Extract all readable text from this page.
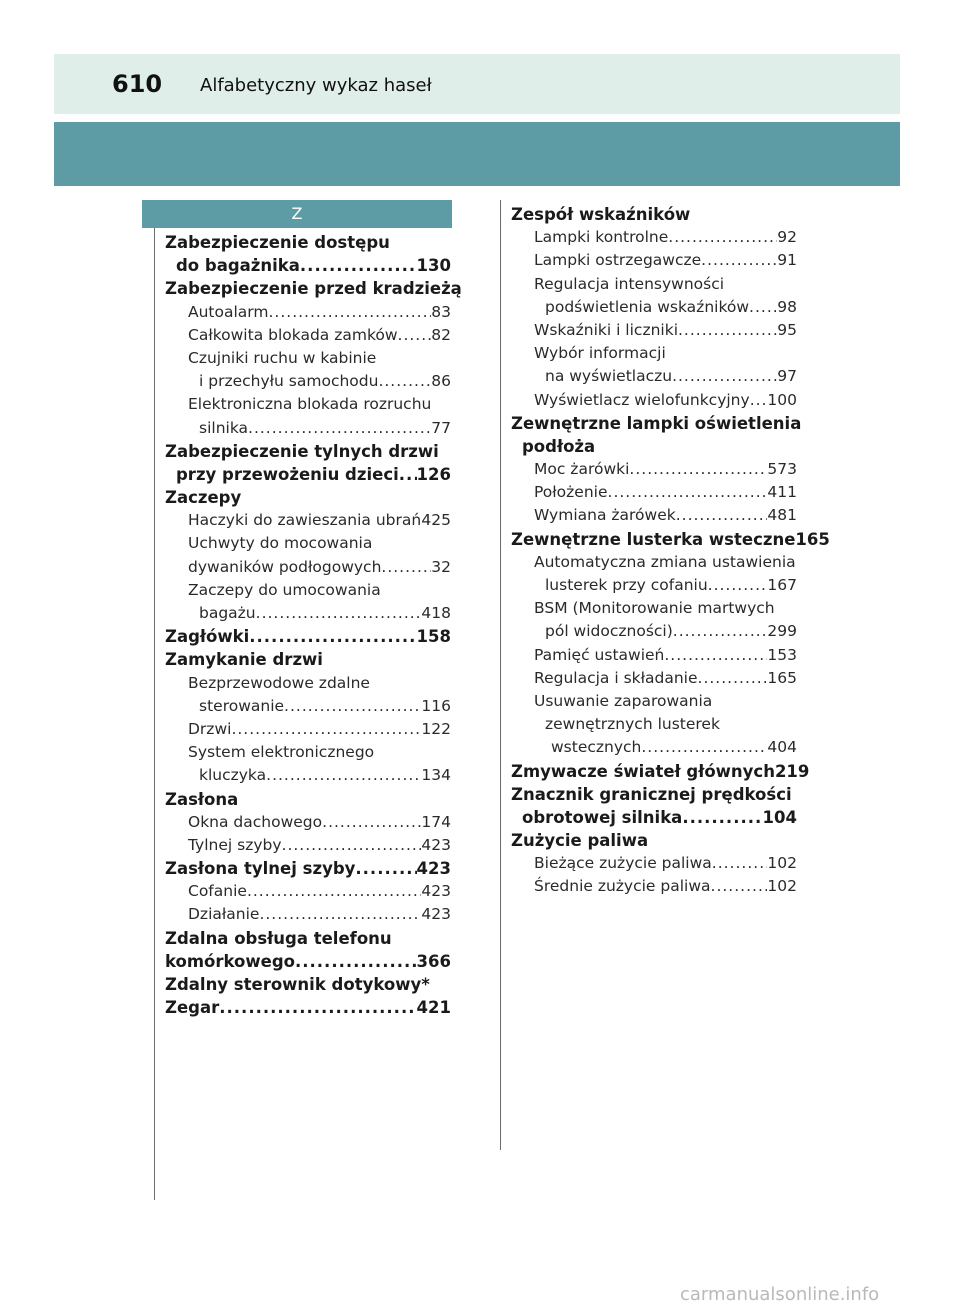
610 Alfabetyczny wykaz haseł
Z
Zabezpieczenie dostępu
do bagażnika .....	130
Zabezpieczenie przed kradzieżą
Autoalarm .....	83
Całkowita blokada zamków ..... 82
Czujniki ruchu w kabinie
i przechyłu samochodu .....	86
Elektroniczna blokada rozruchu
silnika .....	77
Zabezpieczenie tylnych drzwi
przy przewożeniu dzieci ..... 126
Zaczepy
Haczyki do zawieszania ubrań ..... 425
Uchwyty do mocowania
dywaników podłogowych .....	32
Zaczepy do umocowania
bagażu .....	418
Zagłówki .....	158
Zamykanie drzwi
Bezprzewodowe zdalne
sterowanie .....	116
Drzwi .....	122
System elektronicznego
kluczyka .....	134
Zasłona
Okna dachowego .....	174
Tylnej szyby .....	423
Zasłona tylnej szyby .....	423
Cofanie .....	423
Działanie .....	423
Zdalna obsługa telefonu
komórkowego .....	366
Zdalny sterownik dotykowy*
Zegar .....	421
Zespół wskaźników
Lampki kontrolne .....	92
Lampki ostrzegawcze .....	91
Regulacja intensywności
podświetlenia wskaźników ..... 98
Wskaźniki i liczniki .....	95
Wybór informacji
na wyświetlaczu .....	97
Wyświetlacz wielofunkcyjny ..... 100
Zewnętrzne lampki oświetlenia
podłoża
Moc żarówki .....	573
Położenie .....	411
Wymiana żarówek .....	481
Zewnętrzne lusterka wsteczne 165
Automatyczna zmiana ustawienia
lusterek przy cofaniu .....	167
BSM (Monitorowanie martwych
pól widoczności) .....	299
Pamięć ustawień .....	153
Regulacja i składanie .....	165
Usuwanie zaparowania
zewnętrznych lusterek
wstecznych .....	404
Zmywacze świateł głównych 219
Znacznik granicznej prędkości
obrotowej silnika .....	104
Zużycie paliwa
Bieżące zużycie paliwa .....	102
Średnie zużycie paliwa .....	102
carmanualsonline.info
